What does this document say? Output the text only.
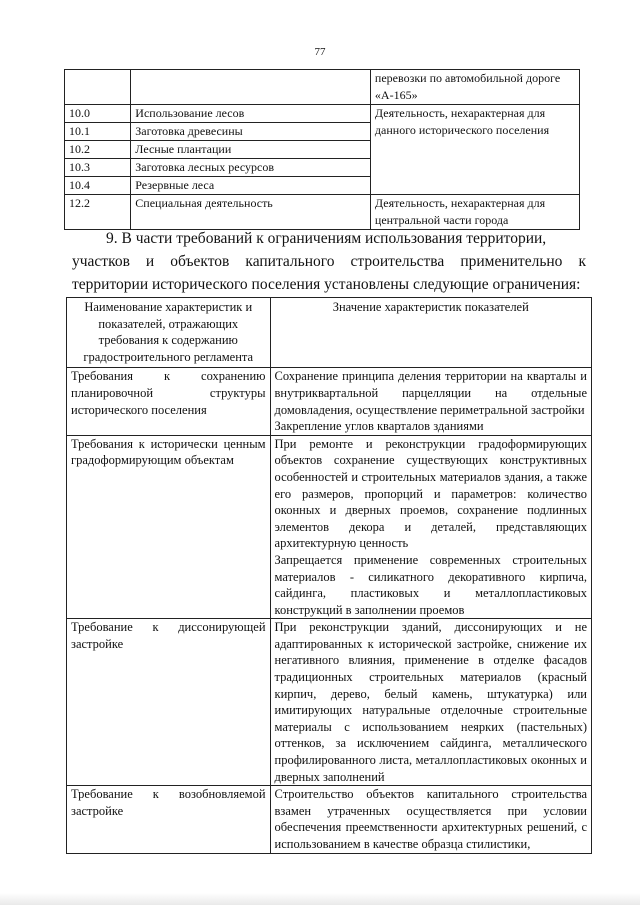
77
		перевозки по автомобильной дороге «А-165»
10.0	Использование лесов	Деятельность, нехарактерная для данного исторического поселения
10.1	Заготовка древесины	
10.2	Лесные плантации	
10.3	Заготовка лесных ресурсов	
10.4	Резервные леса	
12.2	Специальная деятельность	Деятельность, нехарактерная для центральной части города
9. В части требований к ограничениям использования территории,
участков и объектов капитального строительства применительно к территории исторического поселения установлены следующие ограничения:
Наименование характеристик и показателей, отражающих требования к содержанию градостроительного регламента	Значение характеристик показателей

Требования к сохранению планировочной структуры исторического поселения	Сохранение принципа деления территории на кварталы и внутриквартальной парцелляции на отдельные домовладения, осуществление периметральной застройки
Закрепление углов кварталов зданиями

Требования к исторически ценным градоформирующим объектам	При ремонте и реконструкции градоформирующих объектов сохранение существующих конструктивных особенностей и строительных материалов здания, а также его размеров, пропорций и параметров: количество оконных и дверных проемов, сохранение подлинных элементов декора и деталей, представляющих архитектурную ценность
Запрещается применение современных строительных материалов - силикатного декоративного кирпича, сайдинга, пластиковых и металлопластиковых конструкций в заполнении проемов

Требование к диссонирующей застройке	При реконструкции зданий, диссонирующих и не адаптированных к исторической застройке, снижение их негативного влияния, применение в отделке фасадов традиционных строительных материалов (красный кирпич, дерево, белый камень, штукатурка) или имитирующих натуральные отделочные строительные материалы с использованием неярких (пастельных) оттенков, за исключением сайдинга, металлического профилированного листа, металлопластиковых оконных и дверных заполнений

Требование к возобновляемой застройке	Строительство объектов капитального строительства взамен утраченных осуществляется при условии обеспечения преемственности архитектурных решений, с использованием в качестве образца стилистики,
